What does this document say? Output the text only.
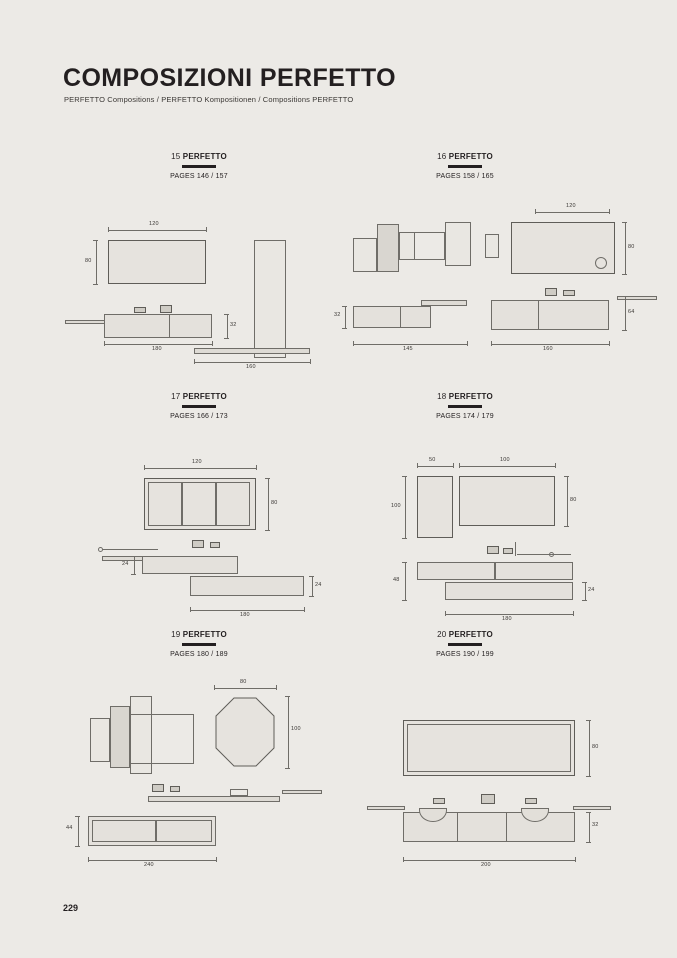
COMPOSIZIONI PERFETTO
PERFETTO Compositions / PERFETTO Kompositionen / Compositions PERFETTO
15 PERFETTO
PAGES 146 / 157
120
80
180
32
160
16 PERFETTO
PAGES 158 / 165
120
80
64
32
145	160
17 PERFETTO
PAGES 166 / 173
120
80
24
24
180
18 PERFETTO
PAGES 174 / 179
50	100
100
80
48
24
180
19 PERFETTO
PAGES 180 / 189
80
100
44
240
20 PERFETTO
PAGES 190 / 199
80
32
200
229
